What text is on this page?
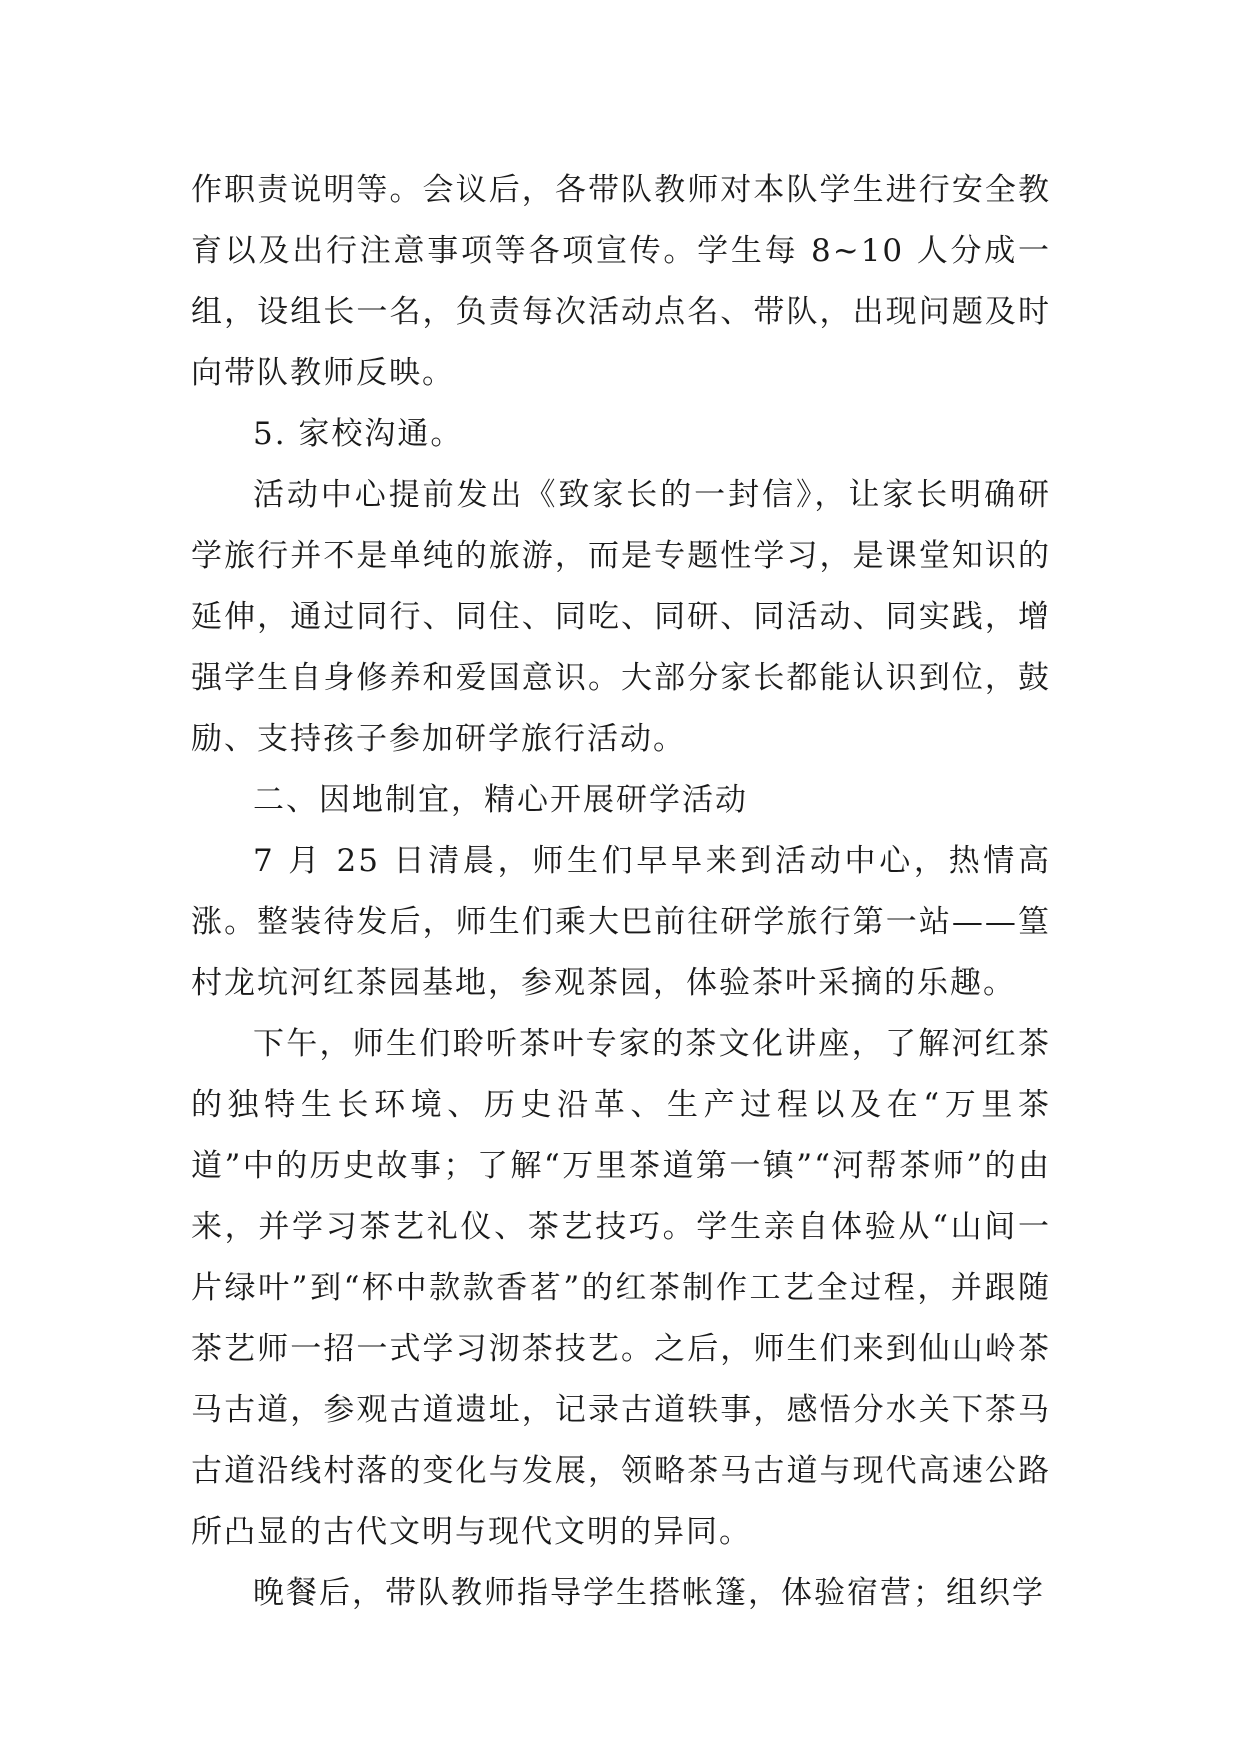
作职责说明等。会议后，各带队教师对本队学生进行安全教育以及出行注意事项等各项宣传。学生每 8~10 人分成一组，设组长一名，负责每次活动点名、带队，出现问题及时向带队教师反映。

5. 家校沟通。

活动中心提前发出《致家长的一封信》，让家长明确研学旅行并不是单纯的旅游，而是专题性学习，是课堂知识的延伸，通过同行、同住、同吃、同研、同活动、同实践，增强学生自身修养和爱国意识。大部分家长都能认识到位，鼓励、支持孩子参加研学旅行活动。

二、因地制宜，精心开展研学活动

7 月 25 日清晨，师生们早早来到活动中心，热情高涨。整装待发后，师生们乘大巴前往研学旅行第一站——篁村龙坑河红茶园基地，参观茶园，体验茶叶采摘的乐趣。

下午，师生们聆听茶叶专家的茶文化讲座，了解河红茶的独特生长环境、历史沿革、生产过程以及在“万里茶道”中的历史故事；了解“万里茶道第一镇”“河帮茶师”的由来，并学习茶艺礼仪、茶艺技巧。学生亲自体验从“山间一片绿叶”到“杯中款款香茗”的红茶制作工艺全过程，并跟随茶艺师一招一式学习沏茶技艺。之后，师生们来到仙山岭茶马古道，参观古道遗址，记录古道轶事，感悟分水关下茶马古道沿线村落的变化与发展，领略茶马古道与现代高速公路所凸显的古代文明与现代文明的异同。

晚餐后，带队教师指导学生搭帐篷，体验宿营；组织学
